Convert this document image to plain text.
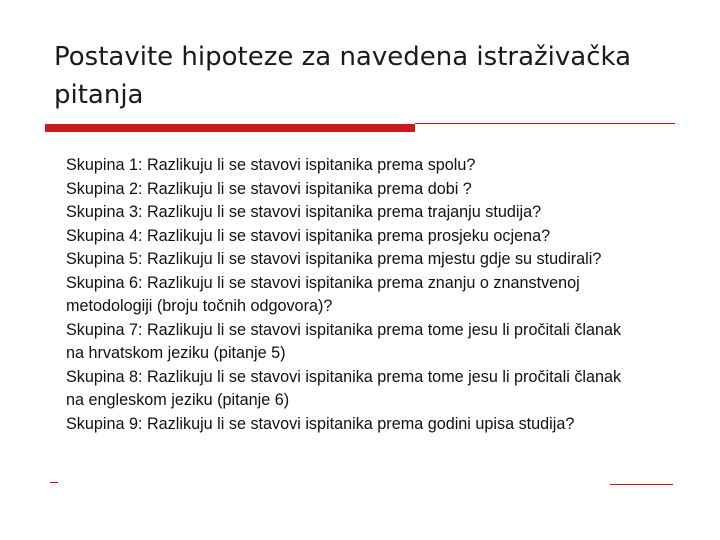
Postavite hipoteze za navedena istraživačka pitanja
Skupina 1: Razlikuju li se stavovi ispitanika prema spolu?
Skupina 2: Razlikuju li se stavovi ispitanika prema dobi ?
Skupina 3: Razlikuju li se stavovi ispitanika prema trajanju studija?
Skupina 4: Razlikuju li se stavovi ispitanika prema prosjeku ocjena?
Skupina 5: Razlikuju li se stavovi ispitanika prema mjestu gdje su studirali?
Skupina 6: Razlikuju li se stavovi ispitanika prema znanju o znanstvenoj metodologiji (broju točnih odgovora)?
Skupina 7: Razlikuju li se stavovi ispitanika prema tome jesu li pročitali članak na hrvatskom jeziku (pitanje 5)
Skupina 8: Razlikuju li se stavovi ispitanika prema tome jesu li pročitali članak na engleskom jeziku (pitanje 6)
Skupina 9: Razlikuju li se stavovi ispitanika prema godini upisa studija?
